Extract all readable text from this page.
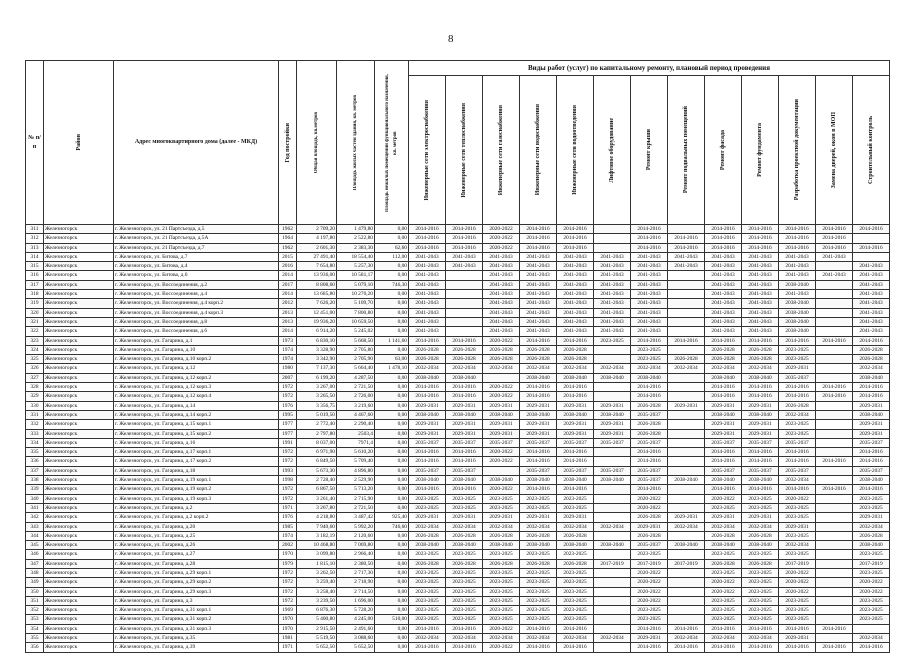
8
№ п/п	Район	Адрес многоквартирного дома (далее - МКД)	Год постройки	Общая площадь, кв.метров	Площадь жилых частей здания, кв. метров	Площадь нежилых помещений функционального назначения, кв. метров	Виды работ (услуг) по капитальному ремонту, плановый период проведения												

							Инженерные сети электроснабжения	Инженерные сети теплоснабжения	Инженерные сети газоснабжения	Инженерные сети водоснабжения	Инженерные сети водоотведения	Лифтовое оборудование	Ремонт крыши	Ремонт подвальных помещений	Ремонт фасада	Ремонт фундамента	Разработка проектной документации	Замена дверей, окон в МОП	Строительный контроль

311	Железногорск	г. Железногорск, ул. 21 Партсъезда, д.5	1962	2 709,20	1 479,80	0,00	2014-2016	2014-2016	2020-2022	2014-2016	2014-2016		2014-2016		2014-2016	2014-2016	2014-2016	2014-2016	2014-2016
312	Железногорск	г. Железногорск, ул. 21 Партсъезда, д.5А	1964	4 197,80	2 522,80	0,00	2014-2016	2014-2016	2020-2022	2014-2016	2014-2016		2014-2016	2014-2016	2014-2016	2014-2016	2014-2016	2014-2016	
313	Железногорск	г. Железногорск, ул. 21 Партсъезда, д.7	1962	2 601,30	2 383,30	62,60	2014-2016	2014-2016	2020-2022	2014-2016	2014-2016		2014-2016	2014-2016	2014-2016	2014-2016	2014-2016	2014-2016	2014-2016
314	Железногорск	г. Железногорск, ул. Битова, д.7	2015	27 491,40	18 554,40	112,00	2041-2043	2041-2043	2041-2043	2041-2043	2041-2043	2041-2043	2041-2043	2041-2043	2041-2043	2041-2043	2041-2043	2041-2043	
315	Железногорск	г. Железногорск, ул. Битова, д.4	2016	7 654,80	5 257,30	0,00	2041-2043	2041-2043	2041-2043	2041-2043	2041-2043	2041-2043	2041-2043	2041-2043	2041-2043	2041-2043	2041-2043		2041-2043
316	Железногорск	г. Железногорск, ул. Битова, д.6	2014	13 936,00	10 581,17	0,00	2041-2043		2041-2043	2041-2043	2041-2043	2041-2043	2041-2043		2041-2043	2041-2043	2041-2043	2041-2043	2041-2043
317	Железногорск	г. Железногорск, ул. Воссоединения, д.2	2017	8 808,60	5 079,10	746,30	2041-2043		2041-2043	2041-2043	2041-2043	2041-2043	2041-2043		2041-2043	2041-2043	2038-2040		2041-2043
318	Железногорск	г. Железногорск, ул. Воссоединения, д.4	2014	13 685,80	10 270,20	0,00	2041-2043		2041-2043	2041-2043	2041-2043	2041-2043	2041-2043		2041-2043	2041-2043	2041-2043		2041-2043
319	Железногорск	г. Железногорск, ул. Воссоединения, д.4 корп.2	2012	7 626,20	5 109,70	0,00	2041-2043		2041-2043	2041-2043	2041-2043	2041-2043	2041-2043		2041-2043	2041-2043	2038-2040		2041-2043
320	Железногорск	г. Железногорск, ул. Воссоединения, д.4 корп.3	2013	12 451,00	7 800,80	0,00	2041-2043		2041-2043	2041-2043	2041-2043	2041-2043	2041-2043		2041-2043	2041-2043	2038-2040		2041-2043
321	Железногорск	г. Железногорск, ул. Воссоединения, д.8	2013	19 936,20	10 659,50	0,00	2041-2043		2041-2043	2041-2043	2041-2043	2041-2043	2041-2043		2041-2043	2041-2043	2038-2040		2041-2043
322	Железногорск	г. Железногорск, ул. Воссоединения, д.6	2014	6 914,20	5 245,02	0,00	2041-2043		2041-2043	2041-2043	2041-2043	2041-2043	2041-2043		2041-2043	2041-2043	2038-2040		2041-2043
323	Железногорск	г. Железногорск, ул. Гагарина, д.1	1973	6 830,10	5 668,50	1 141,60	2014-2016	2014-2016	2020-2022	2014-2016	2014-2016	2023-2025	2014-2016	2014-2016	2014-2016	2014-2016	2014-2016	2014-2016	2014-2016
324	Железногорск	г. Железногорск, ул. Гагарина, д.10	1974	3 328,90	2 705,80	0,00	2026-2028	2026-2028	2026-2028	2026-2028	2026-2028		2023-2025		2026-2028	2026-2028	2023-2025		2026-2028
325	Железногорск	г. Железногорск, ул. Гагарина, д.10 корп.2	1974	3 342,90	2 705,90	63,00	2026-2028	2026-2028	2026-2028	2026-2028	2026-2028		2023-2025	2026-2028	2026-2028	2026-2028	2023-2025		2026-2028
326	Железногорск	г. Железногорск, ул. Гагарина, д.12	1980	7 137,30	5 664,40	1 478,10	2032-2034	2032-2034	2032-2034	2032-2034	2032-2034	2032-2034	2032-2034	2032-2034	2032-2034	2032-2034	2029-2031		2032-2034
327	Железногорск	г. Железногорск, ул. Гагарина, д.12 корп.2	2007	6 199,20	4 287,50	0,00	2038-2040	2038-2040		2038-2040	2038-2040	2038-2040	2038-2040		2038-2040	2038-2040	2035-2037		2038-2040
328	Железногорск	г. Железногорск, ул. Гагарина, д.12 корп.3	1972	3 267,00	2 721,50	0,00	2014-2016	2014-2016	2020-2022	2014-2016	2014-2016		2014-2016		2014-2016	2014-2016	2014-2016	2014-2016	2014-2016
329	Железногорск	г. Железногорск, ул. Гагарина, д.12 корп.4	1972	3 265,50	2 726,00	0,00	2014-2016	2014-2016	2020-2022	2014-2016	2014-2016		2014-2016		2014-2016	2014-2016	2014-2016	2014-2016	2014-2016
330	Железногорск	г. Железногорск, ул. Гагарина, д.14	1976	3 356,75	3 219,60	0,00	2029-2031	2029-2031	2029-2031	2029-2031	2029-2031	2029-2031	2026-2028	2029-2031	2029-2031	2029-2031	2026-2028		2029-2031
331	Железногорск	г. Железногорск, ул. Гагарина, д.14 корп.2	1995	5 019,50	4 467,60	0,00	2038-2040	2038-2040	2038-2040	2038-2040	2038-2040	2038-2040	2035-2037		2038-2040	2038-2040	2032-2034		2038-2040
332	Железногорск	г. Железногорск, ул. Гагарина, д.15 корп.1	1977	2 772,40	2 290,40	0,00	2029-2031	2029-2031	2029-2031	2029-2031	2029-2031	2029-2031	2026-2028		2029-2031	2029-2031	2023-2025		2029-2031
333	Железногорск	г. Железногорск, ул. Гагарина, д.15 корп.2	1977	2 797,80	2503,4	0,00	2029-2031	2029-2031	2029-2031	2029-2031	2029-2031	2029-2031	2026-2028		2029-2031	2029-2031	2023-2025		2029-2031
334	Железногорск	г. Железногорск, ул. Гагарина, д.16	1991	8 037,00	7971,4	0,00	2035-2037	2035-2037	2035-2037	2035-2037	2035-2037	2035-2037	2035-2037		2035-2037	2035-2037	2035-2037		2035-2037
335	Железногорск	г. Железногорск, ул. Гагарина, д.17 корп.1	1972	6 971,90	5 610,20	0,00	2014-2016	2014-2016	2020-2022	2014-2016	2014-2016		2014-2016		2014-2016	2014-2016	2014-2016		2014-2016
336	Железногорск	г. Железногорск, ул. Гагарина, д.17 корп.2	1972	6 849,50	5 709,40	0,00	2014-2016	2014-2016	2020-2022	2014-2016	2014-2016		2014-2016		2014-2016	2014-2016	2014-2016	2014-2016	2014-2016
337	Железногорск	г. Железногорск, ул. Гагарина, д.18	1993	5 673,30	4 896,80	0,00	2035-2037	2035-2037		2035-2037	2035-2037	2035-2037	2035-2037		2035-2037	2035-2037	2035-2037		2035-2037
338	Железногорск	г. Железногорск, ул. Гагарина, д.19 корп.1	1998	2 728,40	2 529,90	0,00	2038-2040	2038-2040	2038-2040	2038-2040	2038-2040	2038-2040	2035-2037	2038-2040	2038-2040	2038-2040	2032-2034		2038-2040
339	Железногорск	г. Железногорск, ул. Гагарина, д.19 корп.2	1972	6 867,50	5 713,20	0,00	2014-2016	2014-2016	2020-2022	2014-2016	2014-2016		2014-2016		2014-2016	2014-2016	2014-2016	2014-2016	2014-2016
340	Железногорск	г. Железногорск, ул. Гагарина, д.19 корп.3	1972	3 261,40	2 715,90	0,00	2023-2025	2023-2025	2023-2025	2023-2025	2023-2025		2020-2022		2020-2022	2023-2025	2020-2022		2023-2025
341	Железногорск	г. Железногорск, ул. Гагарина, д.2	1971	3 267,80	2 721,50	0,00	2023-2025	2023-2025	2023-2025	2023-2025	2023-2025		2020-2022		2023-2025	2023-2025	2023-2025		2023-2025
342	Железногорск	г. Железногорск, ул. Гагарина, д.2 корп.2	1976	4 218,80	3 487,42	925,40	2029-2031	2029-2031	2029-2031	2029-2031	2029-2031		2026-2028	2029-2031	2029-2031	2029-2031	2023-2025		2029-2031
343	Железногорск	г. Железногорск, ул. Гагарина, д.20	1985	7 940,60	5 992,20	746,60	2032-2034	2032-2034	2032-2034	2032-2034	2032-2034	2032-2034	2029-2031	2032-2034	2032-2034	2032-2034	2029-2031		2032-2034
344	Железногорск	г. Железногорск, ул. Гагарина, д.25	1974	3 182,19	2 120,60	0,00	2026-2028	2026-2028	2026-2028	2026-2028	2026-2028		2026-2028		2026-2028	2026-2028	2023-2025		2026-2028
345	Железногорск	г. Железногорск, ул. Гагарина, д.26	2002	10 468,80	7 069,80	0,00	2038-2040	2038-2040	2038-2040	2038-2040	2038-2040	2038-2040	2035-2037	2038-2040	2038-2040	2038-2040	2032-2034		2038-2040
346	Железногорск	г. Железногорск, ул. Гагарина, д.27	1970	3 099,80	2 966,40	0,00	2023-2025	2023-2025	2023-2025	2023-2025	2023-2025		2023-2025		2023-2025	2023-2025	2023-2025		2023-2025
347	Железногорск	г. Железногорск, ул. Гагарина, д.28	1979	1 815,10	2 380,50	0,00	2026-2028	2026-2028	2026-2028	2026-2028	2026-2028	2017-2019	2017-2019	2017-2019	2026-2028	2026-2028	2017-2019		2017-2019
348	Железногорск	г. Железногорск, ул. Гагарина, д.29 корп.1	1972	3 262,50	2 717,30	0,00	2023-2025	2023-2025	2023-2025	2023-2025	2023-2025		2020-2022		2023-2025	2023-2025	2020-2022		2023-2025
349	Железногорск	г. Железногорск, ул. Гагарина, д.29 корп.2	1972	3 259,40	2 718,90	0,00	2023-2025	2023-2025	2023-2025	2023-2025	2023-2025		2020-2022		2020-2022	2023-2025	2020-2022		2020-2022
350	Железногорск	г. Железногорск, ул. Гагарина, д.29 корп.3	1972	3 258,40	2 714,50	0,00	2023-2025	2023-2025	2023-2025	2023-2025	2023-2025		2020-2022		2020-2022	2023-2025	2020-2022		2020-2022
351	Железногорск	г. Железногорск, ул. Гагарина, д.3	1972	3 239,50	1 696,00	0,00	2023-2025	2023-2025	2023-2025	2023-2025	2023-2025		2020-2022		2023-2025	2023-2025	2023-2025		2023-2025
352	Железногорск	г. Железногорск, ул. Гагарина, д.31 корп.1	1969	6 876,30	5 728,20	0,00	2023-2025	2023-2025	2023-2025	2023-2025	2023-2025		2023-2025		2023-2025	2023-2025	2023-2025		2023-2025
353	Железногорск	г. Железногорск, ул. Гагарина, д.31 корп.2	1970	5 400,80	4 245,00	510,00	2023-2025	2023-2025	2023-2025	2023-2025	2023-2025		2023-2025		2023-2025	2023-2025	2023-2025		2023-2025
354	Железногорск	г. Железногорск, ул. Гагарина, д.31 корп.3	1970	2 915,50	2 491,60	0,00	2014-2016	2014-2016	2020-2022	2014-2016	2014-2016		2014-2016	2014-2016	2014-2016	2014-2016	2014-2016	2014-2016	
355	Железногорск	г. Железногорск, ул. Гагарина, д.35	1981	5 519,50	3 088,60	0,00	2032-2034	2032-2034	2032-2034	2032-2034	2032-2034	2032-2034	2029-2031	2032-2034	2032-2034	2032-2034	2029-2031		2032-2034
356	Железногорск	г. Железногорск, ул. Гагарина, д.39	1971	5 652,50	5 652,50	0,00	2014-2016	2014-2016	2020-2022	2014-2016	2014-2016		2014-2016	2014-2016	2014-2016	2014-2016	2014-2016	2014-2016	2014-2016
